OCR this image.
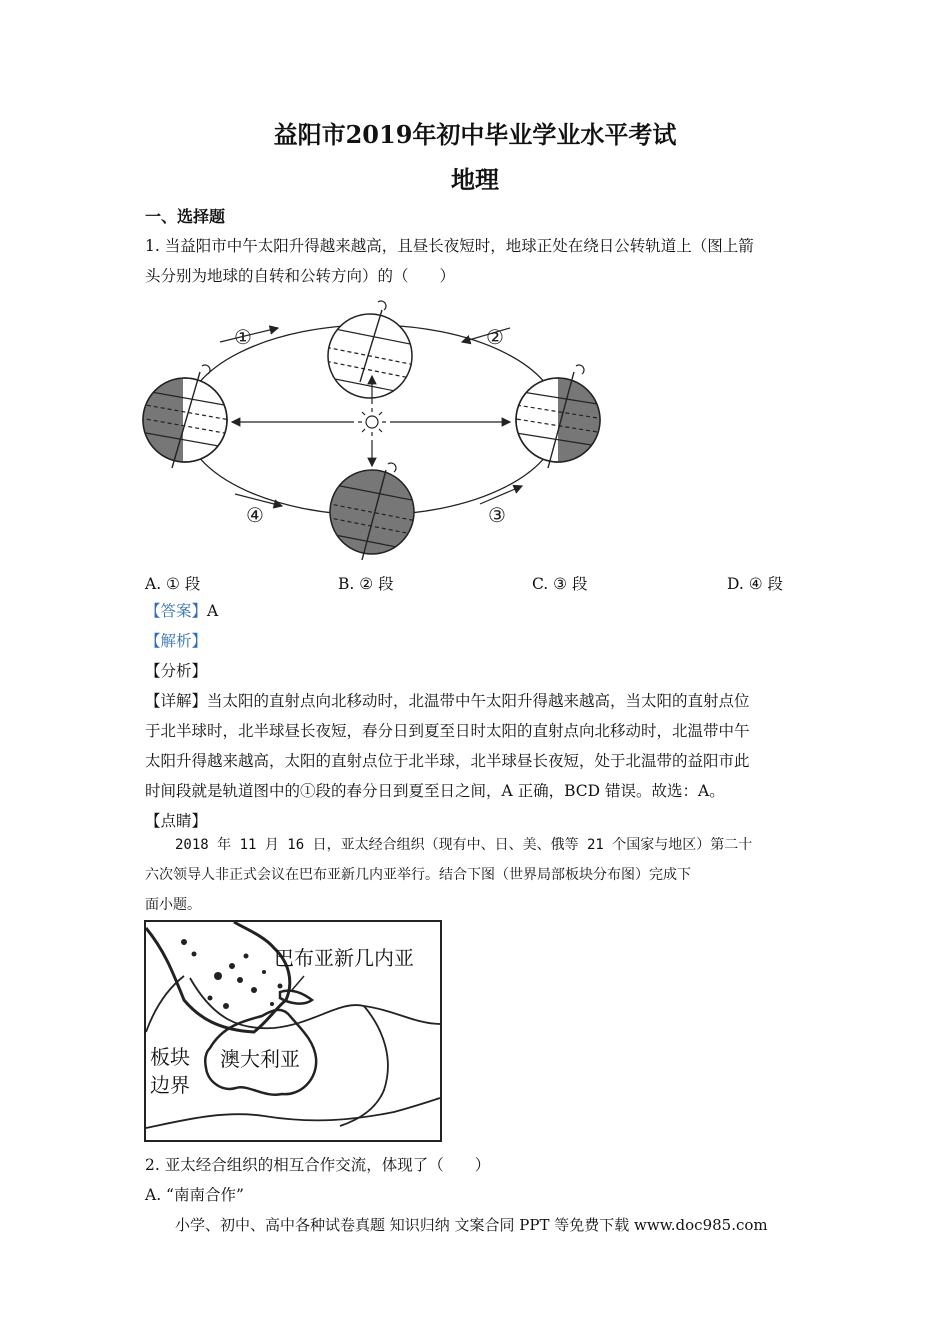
益阳市2019年初中毕业学业水平考试
地理
一、选择题
1. 当益阳市中午太阳升得越来越高，且昼长夜短时，地球正处在绕日公转轨道上（图上箭
头分别为地球的自转和公转方向）的（　　）
①	②
③
④
A. ① 段	B. ② 段	C. ③ 段	D. ④ 段
【答案】A
【解析】
【分析】
【详解】当太阳的直射点向北移动时，北温带中午太阳升得越来越高，当太阳的直射点位
于北半球时，北半球昼长夜短，春分日到夏至日时太阳的直射点向北移动时，北温带中午
太阳升得越来越高，太阳的直射点位于北半球，北半球昼长夜短，处于北温带的益阳市此
时间段就是轨道图中的①段的春分日到夏至日之间，A 正确，BCD 错误。故选：A。
【点睛】
2018 年 11 月 16 日，亚太经合组织（现有中、日、美、俄等 21 个国家与地区）第二十
六次领导人非正式会议在巴布亚新几内亚举行。结合下图（世界局部板块分布图）完成下
面小题。
巴布亚新几内亚
澳大利亚
板块
边界
2. 亚太经合组织的相互合作交流，体现了（　　）
A. “南南合作”
小学、初中、高中各种试卷真题 知识归纳 文案合同 PPT 等免费下载 www.doc985.com
